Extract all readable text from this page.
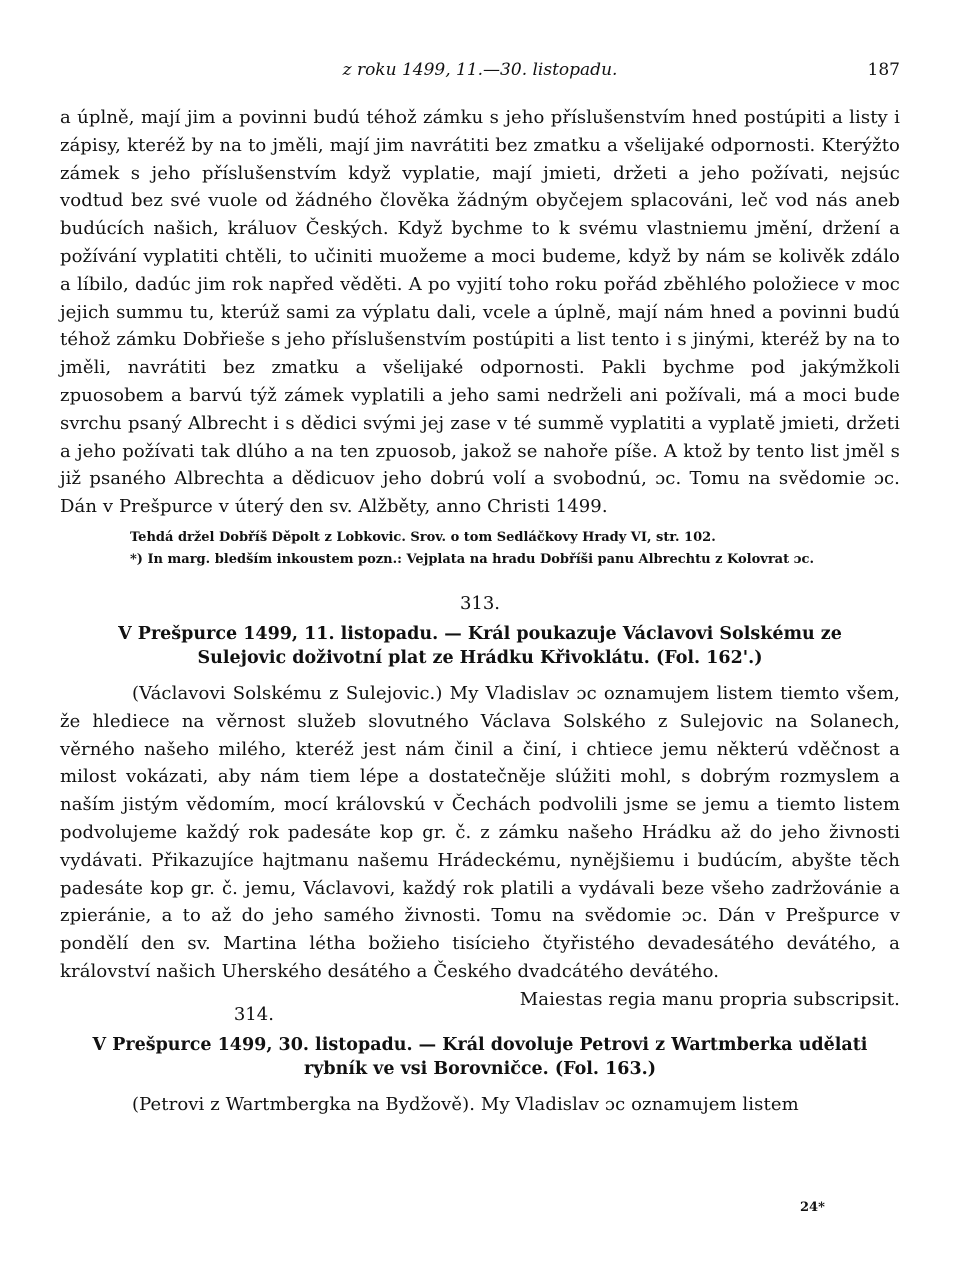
z roku 1499, 11.—30. listopadu.	187

a úplně, mají jim a povinni budú téhož zámku s jeho příslušenstvím hned postúpiti a listy i zápisy, kteréž by na to jměli, mají jim navrátiti bez zmatku a všelijaké odpornosti. Kterýžto zámek s jeho příslušenstvím když vyplatie, mají jmieti, držeti a jeho požívati, nejsúc vodtud bez své vuole od žádného člověka žádným obyčejem splacováni, leč vod nás aneb budúcích našich, králuov Českých. Když bychme to k svému vlastniemu jmění, držení a požívání vyplatiti chtěli, to učiniti muožeme a moci budeme, když by nám se kolivěk zdálo a líbilo, dadúc jim rok napřed věděti. A po vyjití toho roku pořád zběhlého položiece v moc jejich summu tu, kterúž sami za výplatu dali, vcele a úplně, mají nám hned a povinni budú téhož zámku Dobřieše s jeho příslušenstvím postúpiti a list tento i s jinými, kteréž by na to jměli, navrátiti bez zmatku a všelijaké odpornosti. Pakli bychme pod jakýmžkoli zpuosobem a barvú týž zámek vyplatili a jeho sami nedrželi ani požívali, má a moci bude svrchu psaný Albrecht i s dědici svými jej zase v té summě vyplatiti a vyplatě jmieti, držeti a jeho požívati tak dlúho a na ten zpuosob, jakož se nahoře píše. A ktož by tento list jměl s již psaného Albrechta a dědicuov jeho dobrú volí a svobodnú, ɔc. Tomu na svědomie ɔc. Dán v Prešpurce v úterý den sv. Alžběty, anno Christi 1499.

Tehdá držel Dobříš Děpolt z Lobkovic. Srov. o tom Sedláčkovy Hrady VI, str. 102.

*) In marg. bledším inkoustem pozn.: Vejplata na hradu Dobříši panu Albrechtu z Kolovrat ɔc.

313.
V Prešpurce 1499, 11. listopadu. — Král poukazuje Václavovi Solskému ze Sulejovic doživotní plat ze Hrádku Křivoklátu. (Fol. 162'.)

(Václavovi Solskému z Sulejovic.) My Vladislav ɔc oznamujem listem tiemto všem, že hlediece na věrnost služeb slovutného Václava Solského z Sulejovic na Solanech, věrného našeho milého, kteréž jest nám činil a činí, i chtiece jemu některú vděčnost a milost vokázati, aby nám tiem lépe a dostatečněje slúžiti mohl, s dobrým rozmyslem a naším jistým vědomím, mocí královskú v Čechách podvolili jsme se jemu a tiemto listem podvolujeme každý rok padesáte kop gr. č. z zámku našeho Hrádku až do jeho živnosti vydávati. Přikazujíce hajtmanu našemu Hrádeckému, nynějšiemu i budúcím, abyšte těch padesáte kop gr. č. jemu, Václavovi, každý rok platili a vydávali beze všeho zadržovánie a zpieránie, a to až do jeho samého živnosti. Tomu na svědomie ɔc. Dán v Prešpurce v pondělí den sv. Martina létha božieho tisícieho čtyřistého devadesátého devátého, a království našich Uherského desátého a Českého dvadcátého devátého.
Maiestas regia manu propria subscripsit.

314.
V Prešpurce 1499, 30. listopadu. — Král dovoluje Petrovi z Wartmberka udělati rybník ve vsi Borovničce. (Fol. 163.)

(Petrovi z Wartmbergka na Bydžově). My Vladislav ɔc oznamujem listem

24*
